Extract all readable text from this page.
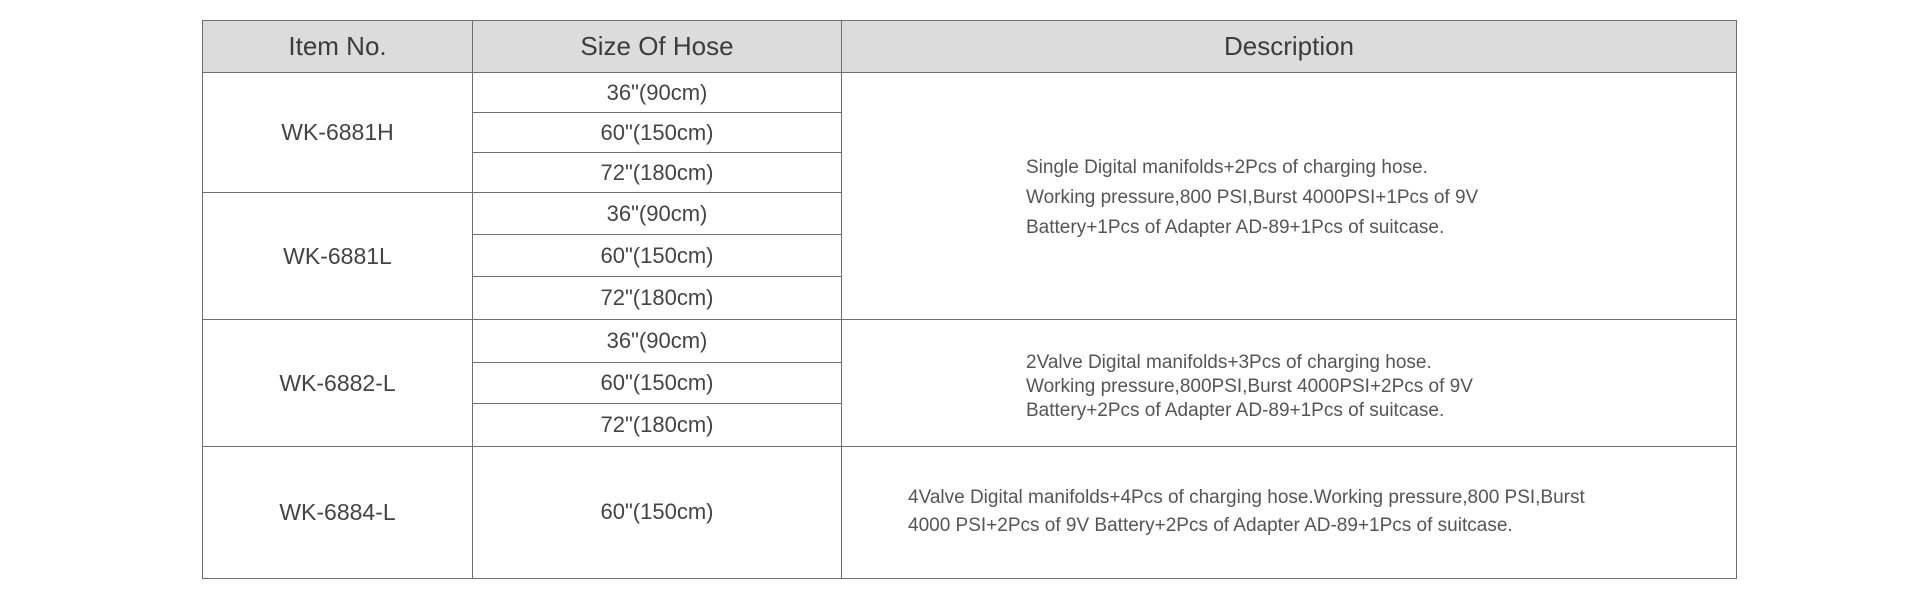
Item No.	Size Of Hose	Description
WK-6881H	36"(90cm)	Single Digital manifolds+2Pcs of charging hose.
Working pressure,800 PSI,Burst 4000PSI+1Pcs of 9V
Battery+1Pcs of Adapter AD-89+1Pcs of suitcase.

	60"(150cm)	
	72"(180cm)	
WK-6881L	36"(90cm)	
	60"(150cm)	
	72"(180cm)	
WK-6882-L	36"(90cm)	2Valve Digital manifolds+3Pcs of charging hose.
Working pressure,800PSI,Burst 4000PSI+2Pcs of 9V
Battery+2Pcs of Adapter AD-89+1Pcs of suitcase.

	60"(150cm)	
	72"(180cm)	
WK-6884-L	60"(150cm)	4Valve Digital manifolds+4Pcs of charging hose.Working pressure,800 PSI,Burst
4000 PSI+2Pcs of 9V Battery+2Pcs of Adapter AD-89+1Pcs of suitcase.
